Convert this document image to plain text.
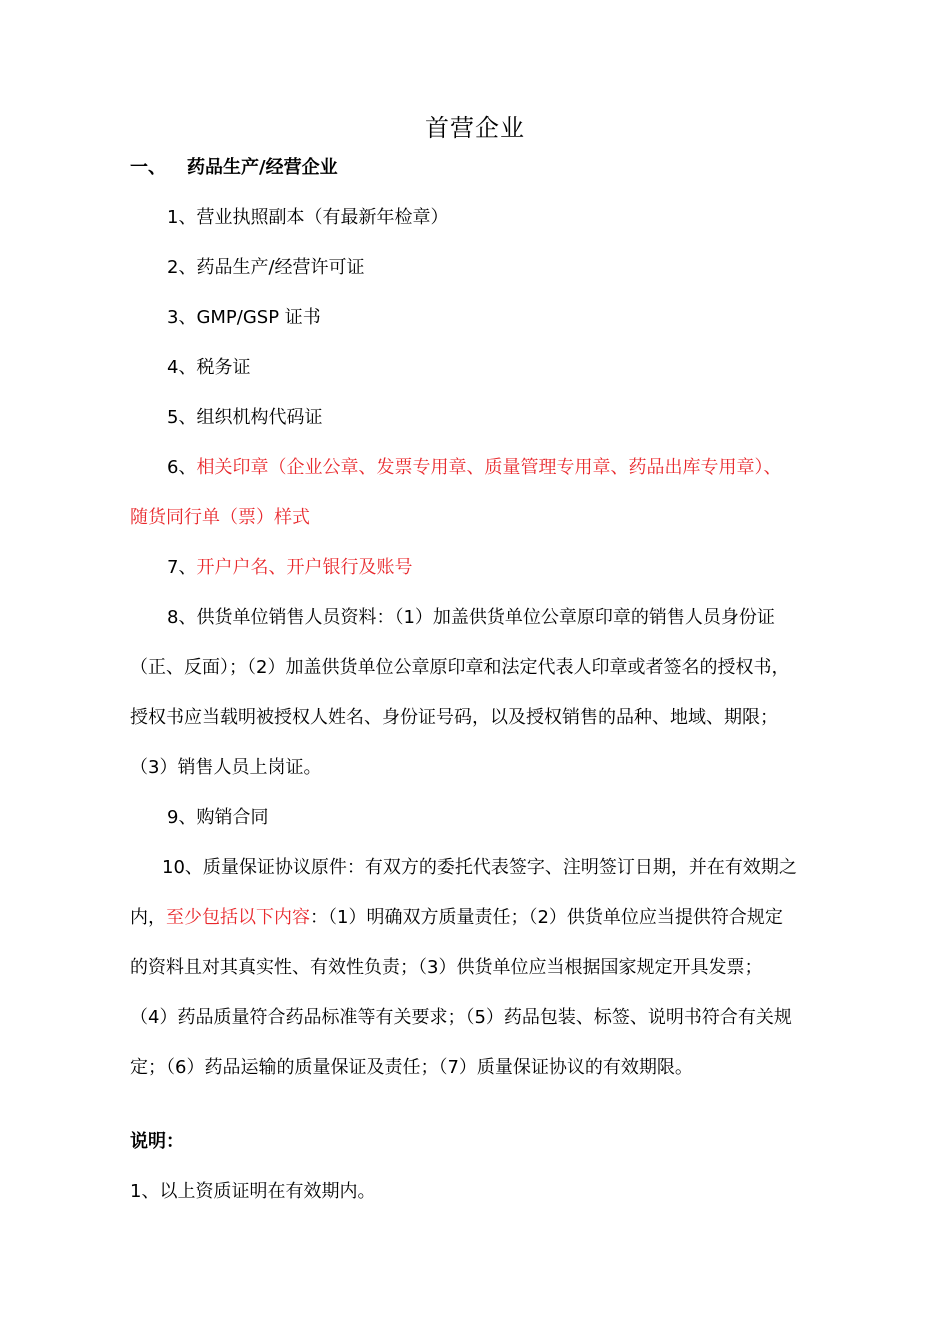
首营企业
一、 药品生产/经营企业
1、营业执照副本（有最新年检章）
2、药品生产/经营许可证
3、GMP/GSP 证书
4、税务证
5、组织机构代码证
6、相关印章（企业公章、发票专用章、质量管理专用章、药品出库专用章）、
随货同行单（票）样式
7、开户户名、开户银行及账号
8、供货单位销售人员资料：（1）加盖供货单位公章原印章的销售人员身份证
（正、反面）；（2）加盖供货单位公章原印章和法定代表人印章或者签名的授权书，
授权书应当载明被授权人姓名、身份证号码，以及授权销售的品种、地域、期限；
（3）销售人员上岗证。
9、购销合同
10、质量保证协议原件：有双方的委托代表签字、注明签订日期，并在有效期之
内，至少包括以下内容：（1）明确双方质量责任；（2）供货单位应当提供符合规定
的资料且对其真实性、有效性负责；（3）供货单位应当根据国家规定开具发票；
（4）药品质量符合药品标准等有关要求；（5）药品包装、标签、说明书符合有关规
定；（6）药品运输的质量保证及责任；（7）质量保证协议的有效期限。
说明：
1、以上资质证明在有效期内。
